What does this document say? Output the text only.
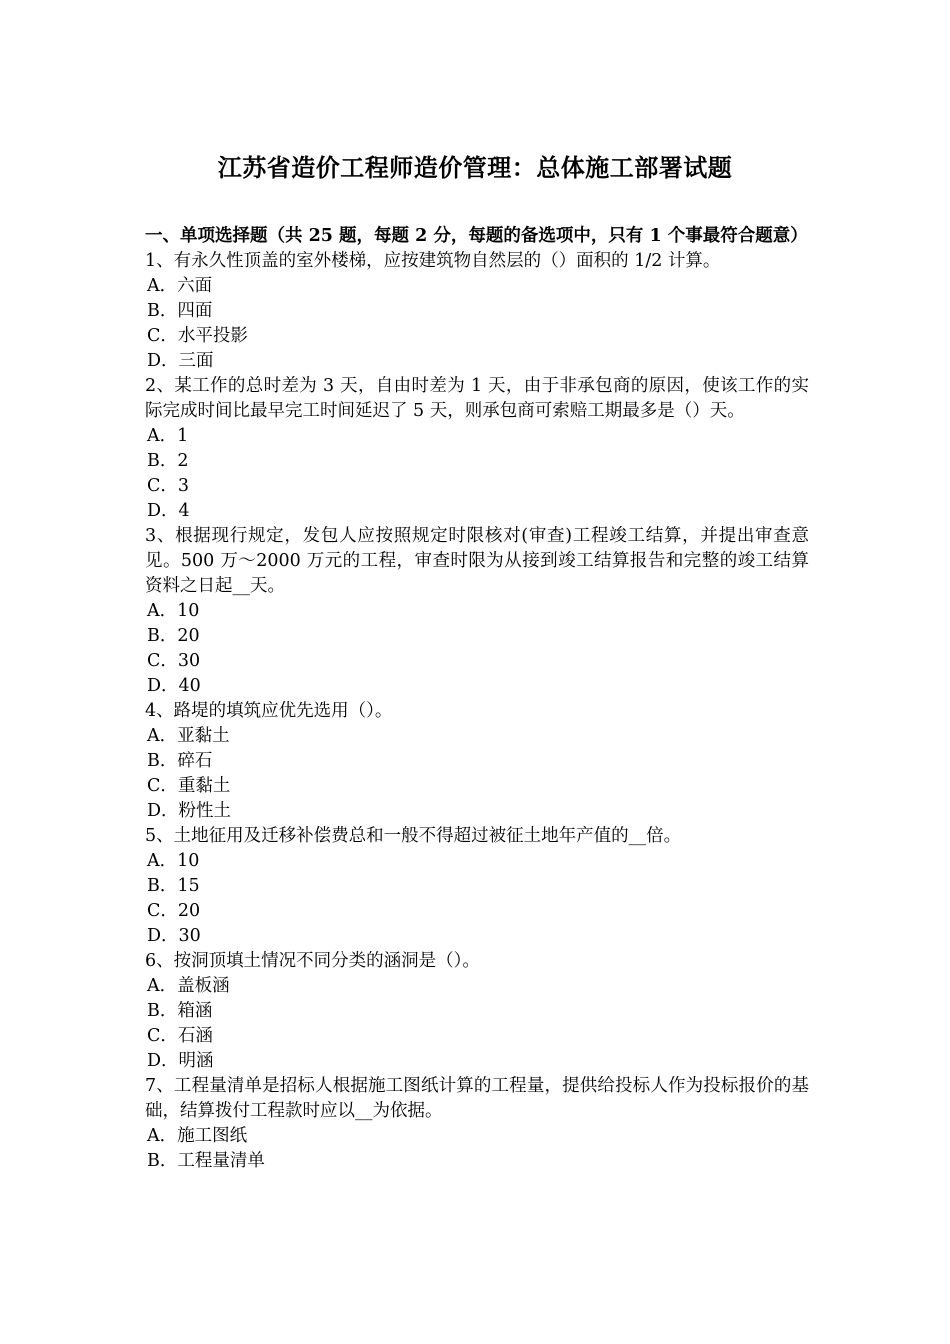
江苏省造价工程师造价管理：总体施工部署试题

一、单项选择题（共 25 题，每题 2 分，每题的备选项中，只有 1 个事最符合题意）

1、有永久性顶盖的室外楼梯，应按建筑物自然层的（）面积的 1/2 计算。

A．六面

B．四面

C．水平投影

D．三面

2、某工作的总时差为 3 天，自由时差为 1 天，由于非承包商的原因，使该工作的实际完成时间比最早完工时间延迟了 5 天，则承包商可索赔工期最多是（）天。

A．1

B．2

C．3

D．4

3、根据现行规定，发包人应按照规定时限核对(审查)工程竣工结算，并提出审查意见。500 万～2000 万元的工程，审查时限为从接到竣工结算报告和完整的竣工结算资料之日起__天。

A．10

B．20

C．30

D．40

4、路堤的填筑应优先选用（）。

A．亚黏土

B．碎石

C．重黏土

D．粉性土

5、土地征用及迁移补偿费总和一般不得超过被征土地年产值的__倍。

A．10

B．15

C．20

D．30

6、按洞顶填土情况不同分类的涵洞是（）。

A．盖板涵

B．箱涵

C．石涵

D．明涵

7、工程量清单是招标人根据施工图纸计算的工程量，提供给投标人作为投标报价的基础，结算拨付工程款时应以__为依据。

A．施工图纸

B．工程量清单
